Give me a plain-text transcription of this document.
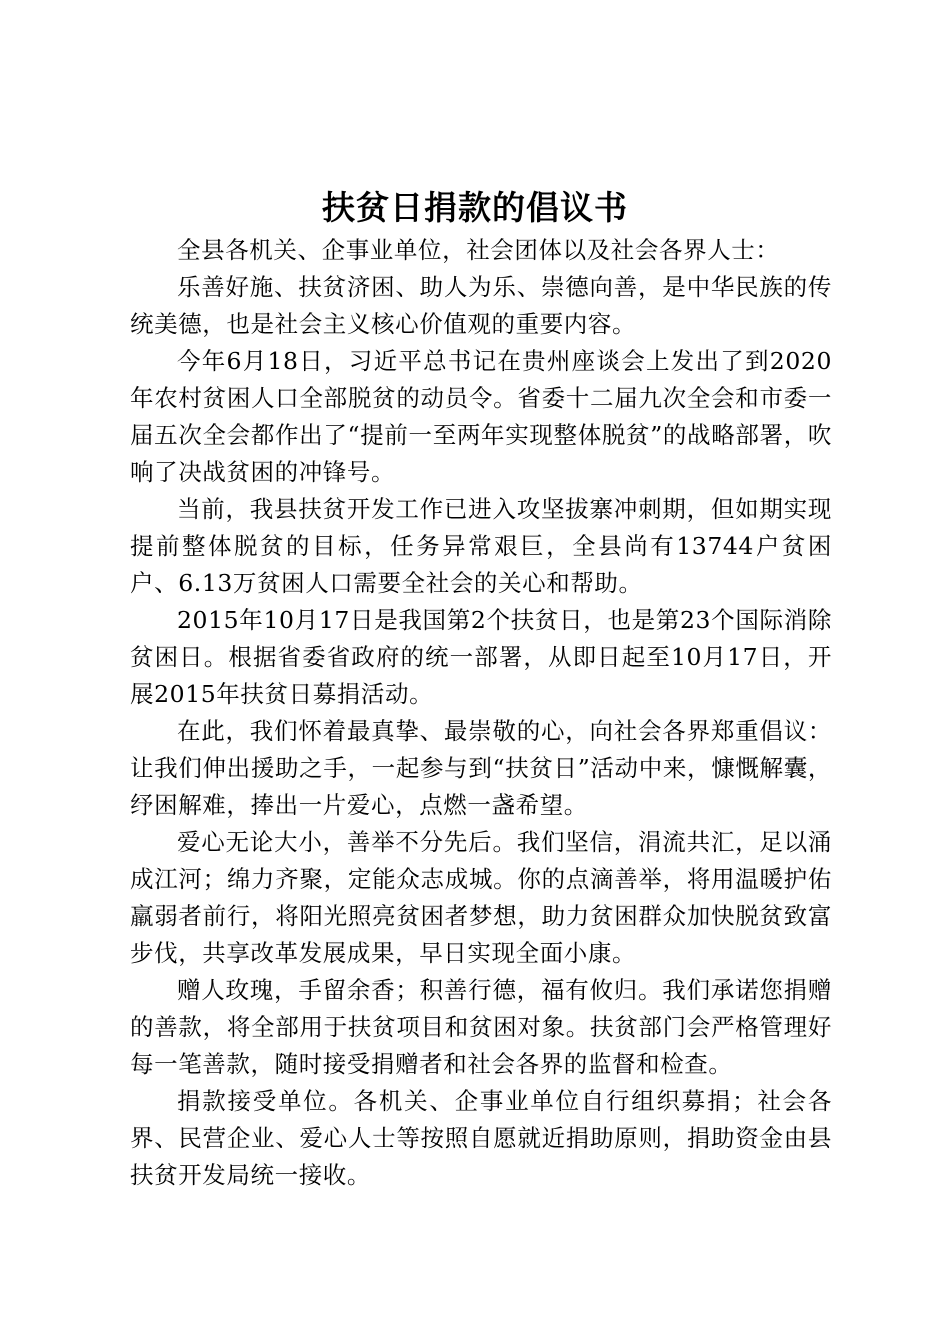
扶贫日捐款的倡议书

全县各机关、企事业单位，社会团体以及社会各界人士：

乐善好施、扶贫济困、助人为乐、崇德向善，是中华民族的传统美德，也是社会主义核心价值观的重要内容。

今年6月18日，习近平总书记在贵州座谈会上发出了到2020年农村贫困人口全部脱贫的动员令。省委十二届九次全会和市委一届五次全会都作出了“提前一至两年实现整体脱贫”的战略部署，吹响了决战贫困的冲锋号。

当前，我县扶贫开发工作已进入攻坚拔寨冲刺期，但如期实现提前整体脱贫的目标，任务异常艰巨，全县尚有13744户贫困户、6.13万贫困人口需要全社会的关心和帮助。

2015年10月17日是我国第2个扶贫日，也是第23个国际消除贫困日。根据省委省政府的统一部署，从即日起至10月17日，开展2015年扶贫日募捐活动。

在此，我们怀着最真挚、最崇敬的心，向社会各界郑重倡议：让我们伸出援助之手，一起参与到“扶贫日”活动中来，慷慨解囊，纾困解难，捧出一片爱心，点燃一盏希望。

爱心无论大小，善举不分先后。我们坚信，涓流共汇，足以涌成江河；绵力齐聚，定能众志成城。你的点滴善举，将用温暖护佑羸弱者前行，将阳光照亮贫困者梦想，助力贫困群众加快脱贫致富步伐，共享改革发展成果，早日实现全面小康。

赠人玫瑰，手留余香；积善行德，福有攸归。我们承诺您捐赠的善款，将全部用于扶贫项目和贫困对象。扶贫部门会严格管理好每一笔善款，随时接受捐赠者和社会各界的监督和检查。

捐款接受单位。各机关、企事业单位自行组织募捐；社会各界、民营企业、爱心人士等按照自愿就近捐助原则，捐助资金由县扶贫开发局统一接收。
